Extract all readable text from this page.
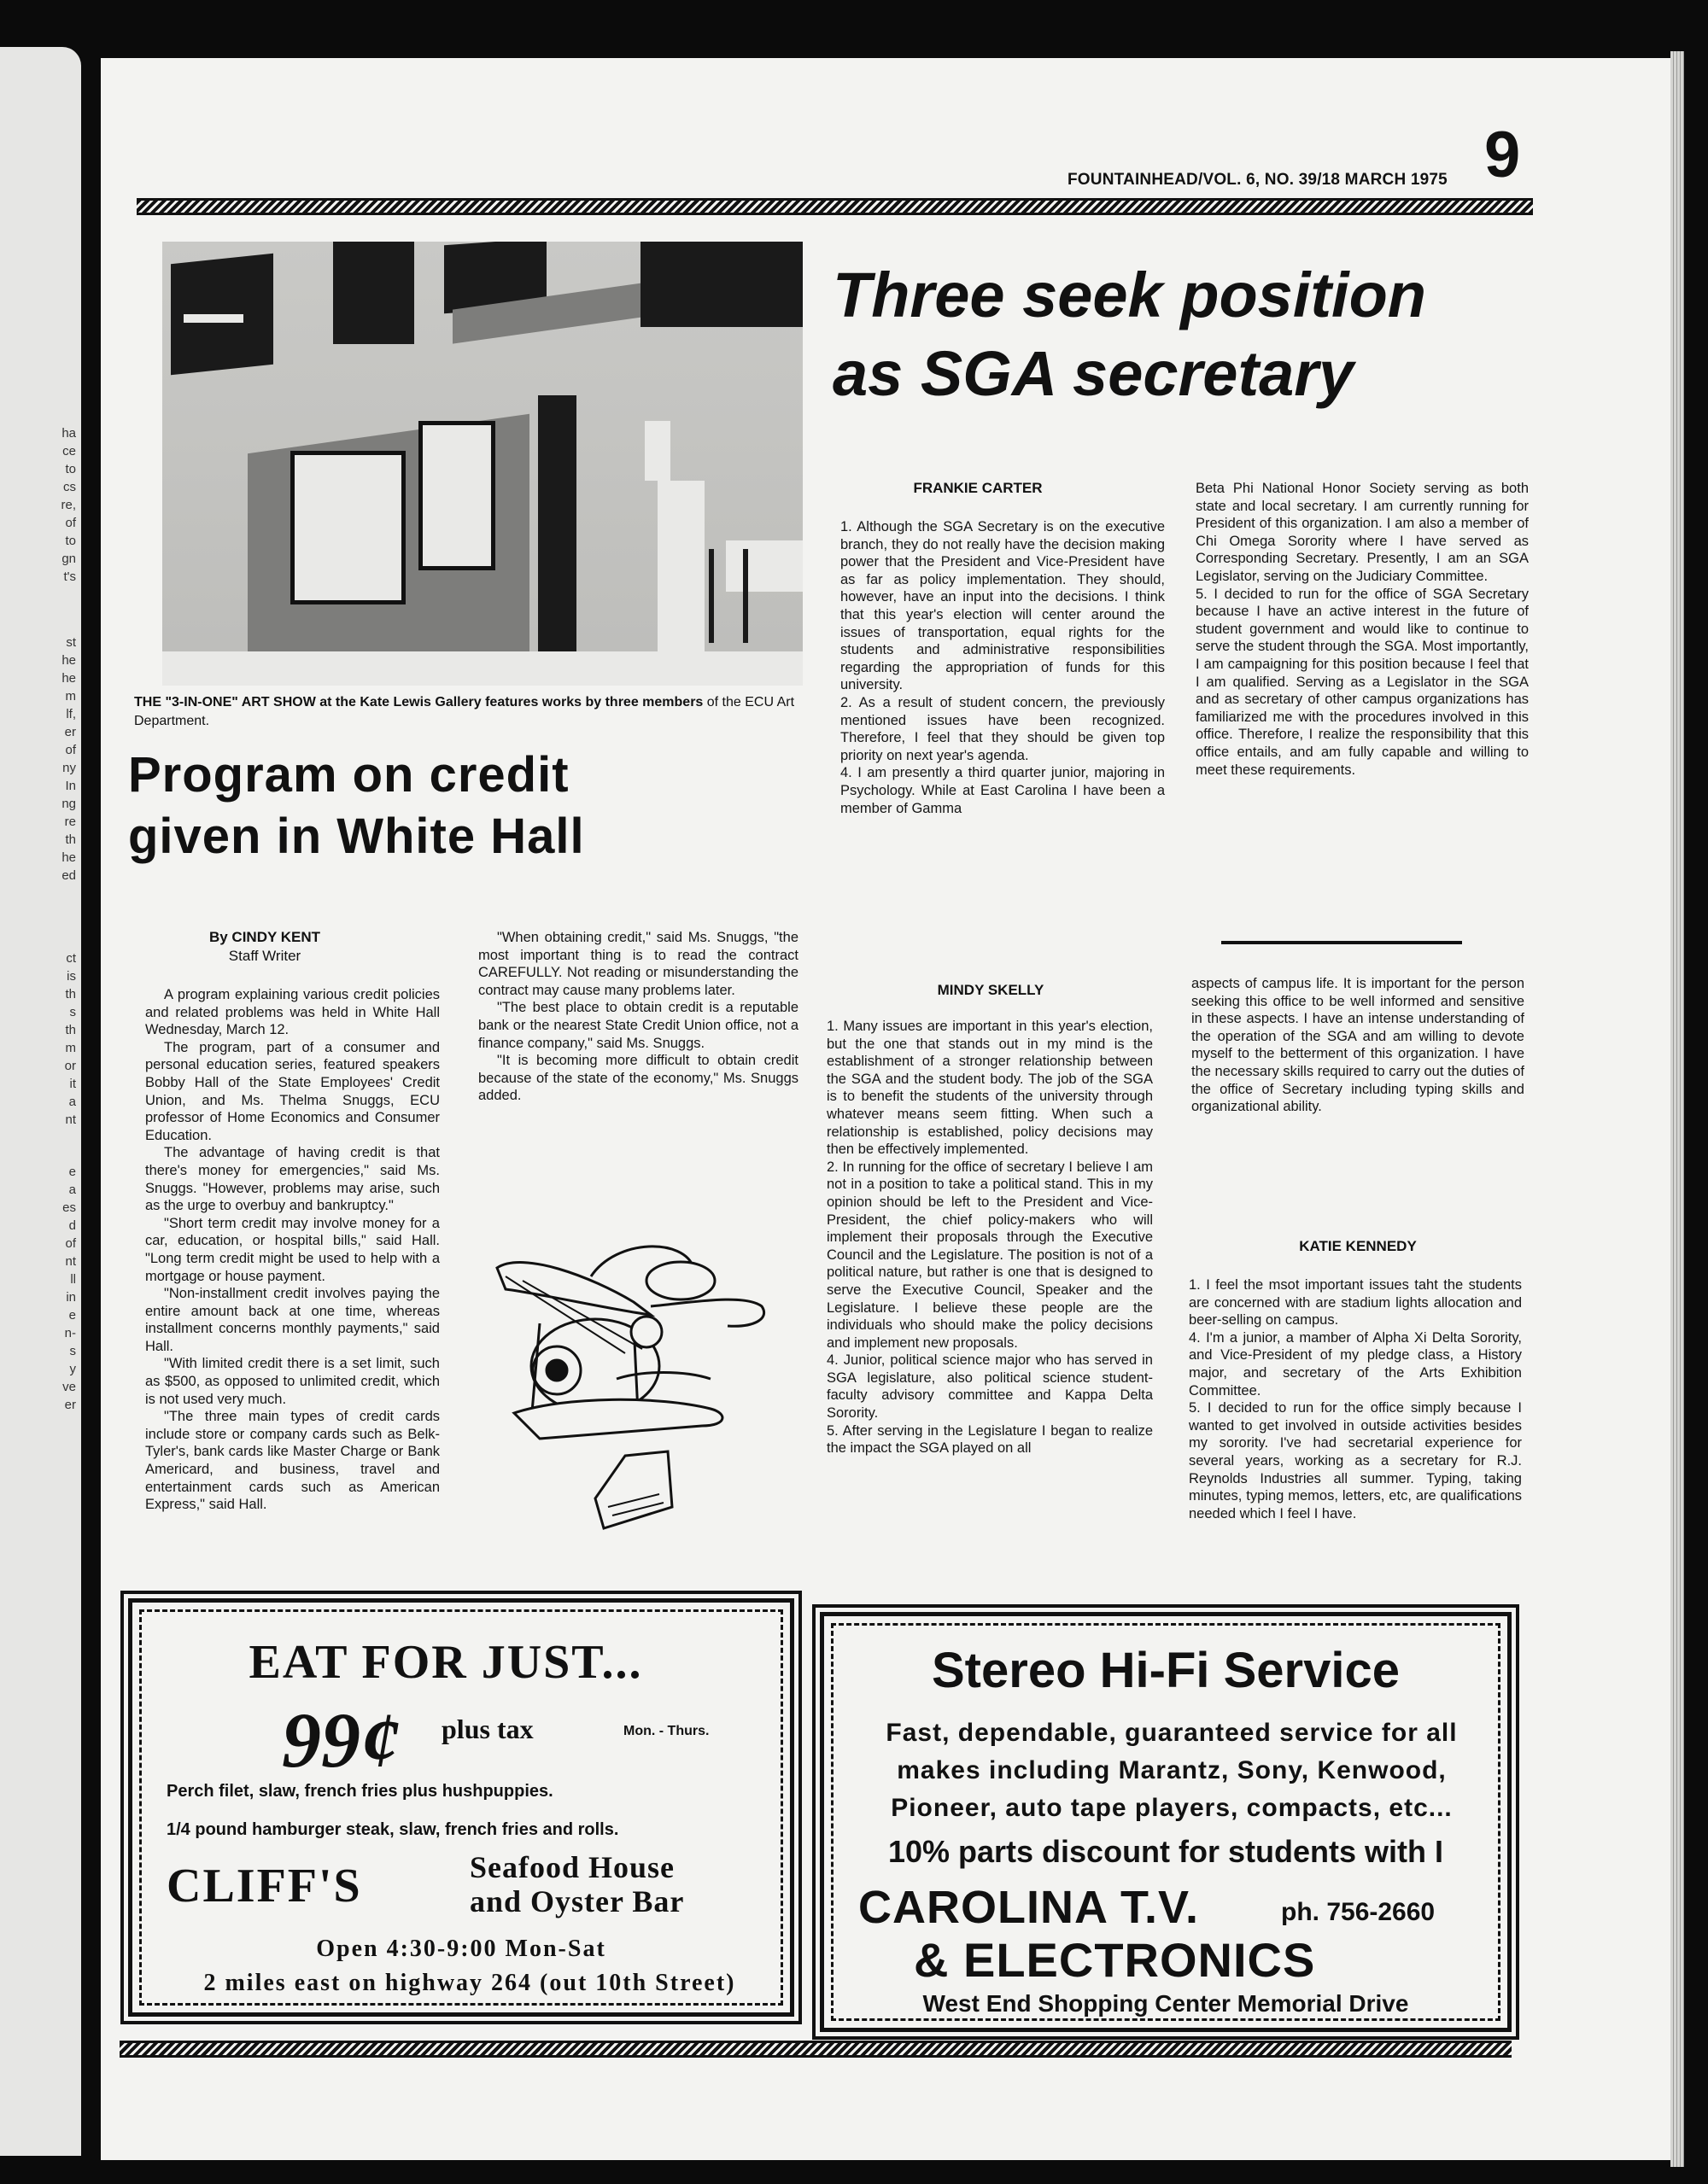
ha
ce
to
cs
re,
of
to
gn
t's
st
he
he
m
lf,
er
of
ny
In
ng
re
th
he
ed
ct
is
th
s
th
m
or
it
a
nt
e
a
es
d
of
nt
ll
in
e
n-
s
y
ve
er
FOUNTAINHEAD/VOL. 6, NO. 39/18 MARCH 1975 9
THE "3-IN-ONE" ART SHOW at the Kate Lewis Gallery features works by three members of the ECU Art Department.
Program on credit
given in White Hall
By CINDY KENT
Staff Writer

A program explaining various credit policies and related problems was held in White Hall Wednesday, March 12.

The program, part of a consumer and personal education series, featured speakers Bobby Hall of the State Employees' Credit Union, and Ms. Thelma Snuggs, ECU professor of Home Economics and Consumer Education.

The advantage of having credit is that there's money for emergencies," said Ms. Snuggs. "However, problems may arise, such as the urge to overbuy and bankruptcy."

"Short term credit may involve money for a car, education, or hospital bills," said Hall. "Long term credit might be used to help with a mortgage or house payment.

"Non-installment credit involves paying the entire amount back at one time, whereas installment concerns monthly payments," said Hall.

"With limited credit there is a set limit, such as $500, as opposed to unlimited credit, which is not used very much.

"The three main types of credit cards include store or company cards such as Belk-Tyler's, bank cards like Master Charge or Bank Americard, and business, travel and entertainment cards such as American Express," said Hall.

"When obtaining credit," said Ms. Snuggs, "the most important thing is to read the contract CAREFULLY. Not reading or misunderstanding the contract may cause many problems later.

"The best place to obtain credit is a reputable bank or the nearest State Credit Union office, not a finance company," said Ms. Snuggs.

"It is becoming more difficult to obtain credit because of the state of the economy," Ms. Snuggs added.

Three seek position
as SGA secretary
FRANKIE CARTER

1. Although the SGA Secretary is on the executive branch, they do not really have the decision making power that the President and Vice-President have as far as policy implementation. They should, however, have an input into the decisions. I think that this year's election will center around the issues of transportation, equal rights for the students and administrative responsibilities regarding the appropriation of funds for this university.

2. As a result of student concern, the previously mentioned issues have been recognized. Therefore, I feel that they should be given top priority on next year's agenda.

4. I am presently a third quarter junior, majoring in Psychology. While at East Carolina I have been a member of Gamma

Beta Phi National Honor Society serving as both state and local secretary. I am currently running for President of this organization. I am also a member of Chi Omega Sorority where I have served as Corresponding Secretary. Presently, I am an SGA Legislator, serving on the Judiciary Committee.

5. I decided to run for the office of SGA Secretary because I have an active interest in the future of student government and would like to continue to serve the student through the SGA. Most importantly, I am campaigning for this position because I feel that I am qualified. Serving as a Legislator in the SGA and as secretary of other campus organizations has familiarized me with the procedures involved in this office. Therefore, I realize the responsibility that this office entails, and am fully capable and willing to meet these requirements.

MINDY SKELLY

1. Many issues are important in this year's election, but the one that stands out in my mind is the establishment of a stronger relationship between the SGA and the student body. The job of the SGA is to benefit the students of the university through whatever means seem fitting. When such a relationship is established, policy decisions may then be effectively implemented.

2. In running for the office of secretary I believe I am not in a position to take a political stand. This in my opinion should be left to the President and Vice-President, the chief policy-makers who will implement their proposals through the Executive Council and the Legislature. The position is not of a political nature, but rather is one that is designed to serve the Executive Council, Speaker and the Legislature. I believe these people are the individuals who should make the policy decisions and implement new proposals.

4. Junior, political science major who has served in SGA legislature, also political science student-faculty advisory committee and Kappa Delta Sorority.

5. After serving in the Legislature I began to realize the impact the SGA played on all

aspects of campus life. It is important for the person seeking this office to be well informed and sensitive in these aspects. I have an intense understanding of the operation of the SGA and am willing to devote myself to the betterment of this organization. I have the necessary skills required to carry out the duties of the office of Secretary including typing skills and organizational ability.

KATIE KENNEDY

1. I feel the msot important issues taht the students are concerned with are stadium lights allocation and beer-selling on campus.

4. I'm a junior, a mamber of Alpha Xi Delta Sorority, and Vice-President of my pledge class, a History major, and secretary of the Arts Exhibition Committee.

5. I decided to run for the office simply because I wanted to get involved in outside activities besides my sorority. I've had secretarial experience for several years, working as a secretary for R.J. Reynolds Industries all summer. Typing, taking minutes, typing memos, letters, etc, are qualifications needed which I feel I have.

EAT FOR JUST...
99¢ plus tax	Mon. - Thurs.
Perch filet, slaw, french fries plus hushpuppies.
1/4 pound hamburger steak, slaw, french fries and rolls.
CLIFF'S	Seafood House
and Oyster Bar
Open 4:30-9:00 Mon-Sat
2 miles east on highway 264 (out 10th Street)
Stereo Hi-Fi Service
Fast, dependable, guaranteed service for all makes including Marantz, Sony, Kenwood, Pioneer, auto tape players, compacts, etc...
10% parts discount for students with I
CAROLINA T.V.	ph. 756-2660
& ELECTRONICS
West End Shopping Center Memorial Drive
